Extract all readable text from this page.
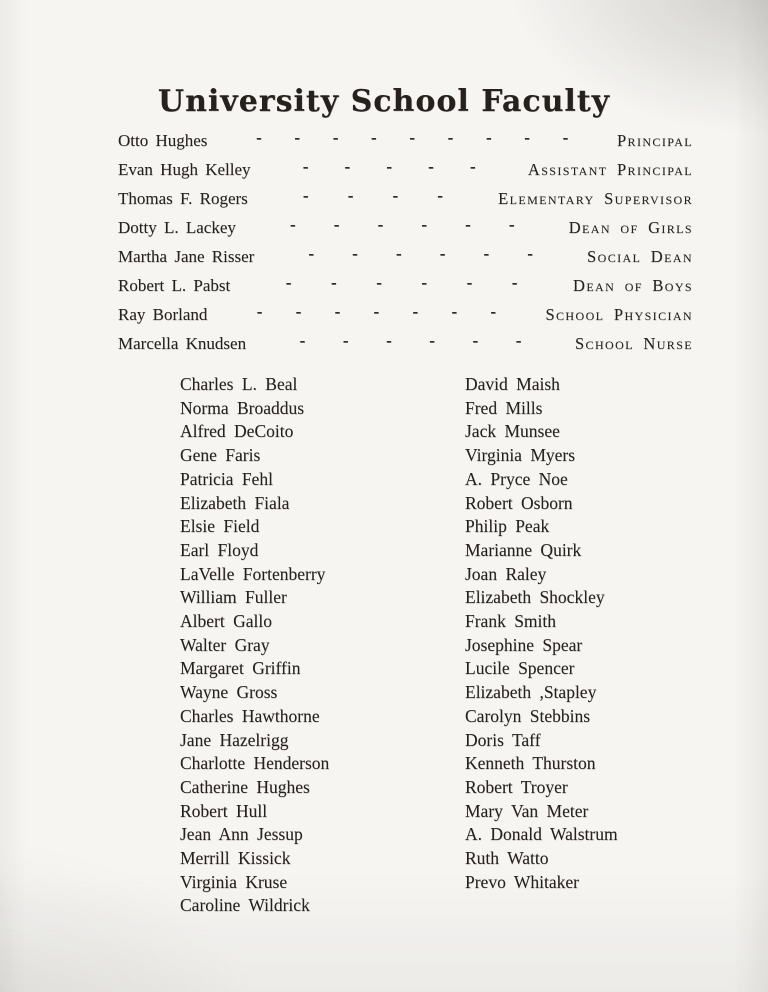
University School Faculty
Otto Hughes	- - - - - - - - -	Principal
Evan Hugh Kelley	- - - - -	Assistant Principal
Thomas F. Rogers	- - - -	Elementary Supervisor
Dotty L. Lackey	- - - - - -	Dean of Girls
Martha Jane Risser	- - - - - -	Social Dean
Robert L. Pabst	- - - - - -	Dean of Boys
Ray Borland	- - - - - - -	School Physician
Marcella Knudsen	- - - - - -	School Nurse
Charles L. Beal
Norma Broaddus
Alfred DeCoito
Gene Faris
Patricia Fehl
Elizabeth Fiala
Elsie Field
Earl Floyd
LaVelle Fortenberry
William Fuller
Albert Gallo
Walter Gray
Margaret Griffin
Wayne Gross
Charles Hawthorne
Jane Hazelrigg
Charlotte Henderson
Catherine Hughes
Robert Hull
Jean Ann Jessup
Merrill Kissick
Virginia Kruse
Caroline Wildrick
David Maish
Fred Mills
Jack Munsee
Virginia Myers
A. Pryce Noe
Robert Osborn
Philip Peak
Marianne Quirk
Joan Raley
Elizabeth Shockley
Frank Smith
Josephine Spear
Lucile Spencer
Elizabeth ,Stapley
Carolyn Stebbins
Doris Taff
Kenneth Thurston
Robert Troyer
Mary Van Meter
A. Donald Walstrum
Ruth Watto
Prevo Whitaker
